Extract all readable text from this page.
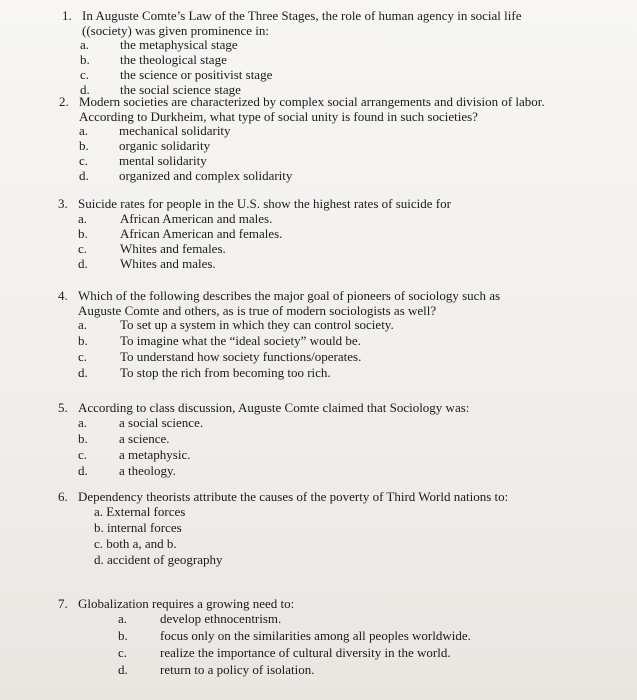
1. In Auguste Comte’s Law of the Three Stages, the role of human agency in social life
((society) was given prominence in:
a. the metaphysical stage
b. the theological stage
c. the science or positivist stage
d. the social science stage
2. Modern societies are characterized by complex social arrangements and division of labor.
According to Durkheim, what type of social unity is found in such societies?
a. mechanical solidarity
b. organic solidarity
c. mental solidarity
d. organized and complex solidarity
3. Suicide rates for people in the U.S. show the highest rates of suicide for
a.	African American and males.
b. African American and females.
c.	Whites and females.
d. Whites and males.
4. Which of the following describes the major goal of pioneers of sociology such as
Auguste Comte and others, as is true of modern sociologists as well?
a.	To set up a system in which they can control society.
b. To imagine what the “ideal society” would be.
c.	To understand how society functions/operates.
d. To stop the rich from becoming too rich.
5. According to class discussion, Auguste Comte claimed that Sociology was:
a. a social science.
b. a science.
c. a metaphysic.
d. a theology.
6. Dependency theorists attribute the causes of the poverty of Third World nations to:
a. External forces
b. internal forces
c. both a, and b.
d. accident of geography
7. Globalization requires a growing need to:
a.	develop ethnocentrism.
b. focus only on the similarities among all peoples worldwide.
c.	realize the importance of cultural diversity in the world.
d. return to a policy of isolation.
